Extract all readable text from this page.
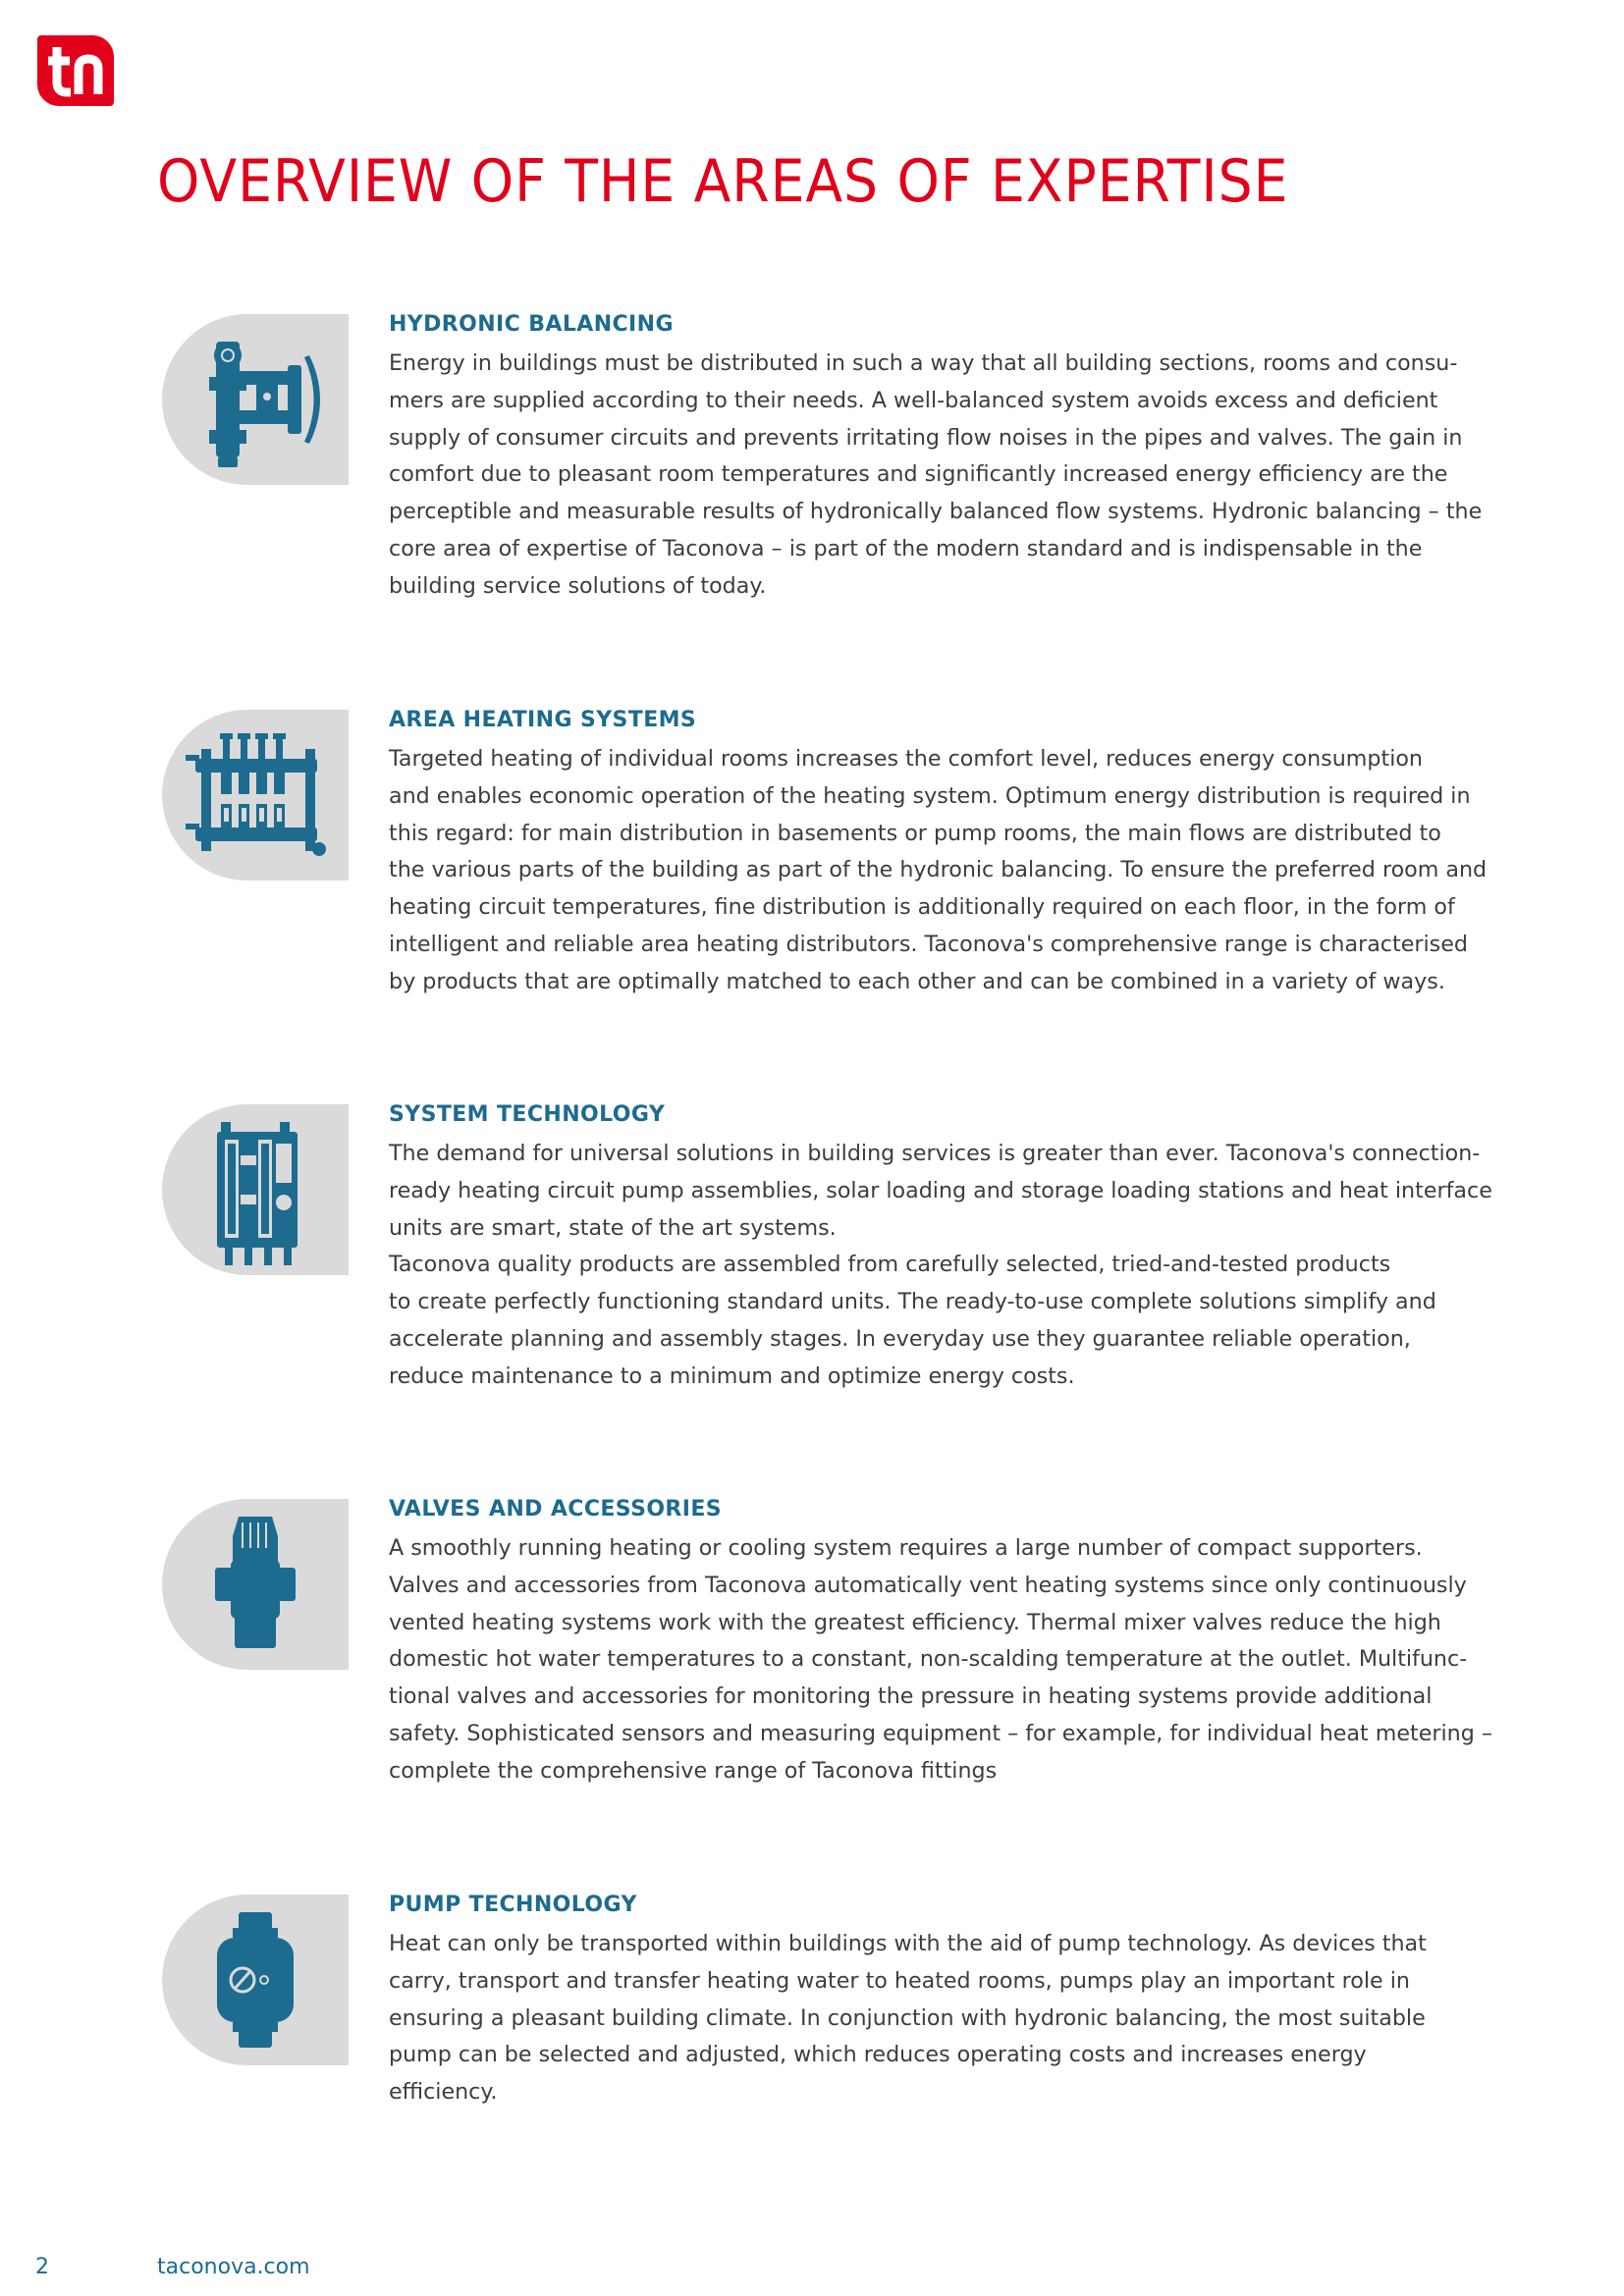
OVERVIEW OF THE AREAS OF EXPERTISE
HYDRONIC BALANCING

Energy in buildings must be distributed in such a way that all building sections, rooms and consu-
mers are supplied according to their needs. A well-balanced system avoids excess and deficient
supply of consumer circuits and prevents irritating flow noises in the pipes and valves. The gain in
comfort due to pleasant room temperatures and significantly increased energy efficiency are the
perceptible and measurable results of hydronically balanced flow systems. Hydronic balancing – the
core area of expertise of Taconova – is part of the modern standard and is indispensable in the
building service solutions of today.

AREA HEATING SYSTEMS

Targeted heating of individual rooms increases the comfort level, reduces energy consumption
and enables economic operation of the heating system. Optimum energy distribution is required in
this regard: for main distribution in basements or pump rooms, the main flows are distributed to
the various parts of the building as part of the hydronic balancing. To ensure the preferred room and
heating circuit temperatures, fine distribution is additionally required on each floor, in the form of
intelligent and reliable area heating distributors. Taconova's comprehensive range is characterised
by products that are optimally matched to each other and can be combined in a variety of ways.

SYSTEM TECHNOLOGY

The demand for universal solutions in building services is greater than ever. Taconova's connection-
ready heating circuit pump assemblies, solar loading and storage loading stations and heat interface
units are smart, state of the art systems.
Taconova quality products are assembled from carefully selected, tried-and-tested products
to create perfectly functioning standard units. The ready-to-use complete solutions simplify and
accelerate planning and assembly stages. In everyday use they guarantee reliable operation,
reduce maintenance to a minimum and optimize energy costs.

VALVES AND ACCESSORIES

A smoothly running heating or cooling system requires a large number of compact supporters.
Valves and accessories from Taconova automatically vent heating systems since only continuously
vented heating systems work with the greatest efficiency. Thermal mixer valves reduce the high
domestic hot water temperatures to a constant, non-scalding temperature at the outlet. Multifunc-
tional valves and accessories for monitoring the pressure in heating systems provide additional
safety. Sophisticated sensors and measuring equipment – for example, for individual heat metering –
complete the comprehensive range of Taconova fittings

PUMP TECHNOLOGY

Heat can only be transported within buildings with the aid of pump technology. As devices that
carry, transport and transfer heating water to heated rooms, pumps play an important role in
ensuring a pleasant building climate. In conjunction with hydronic balancing, the most suitable
pump can be selected and adjusted, which reduces operating costs and increases energy
efficiency.

2	taconova.com
